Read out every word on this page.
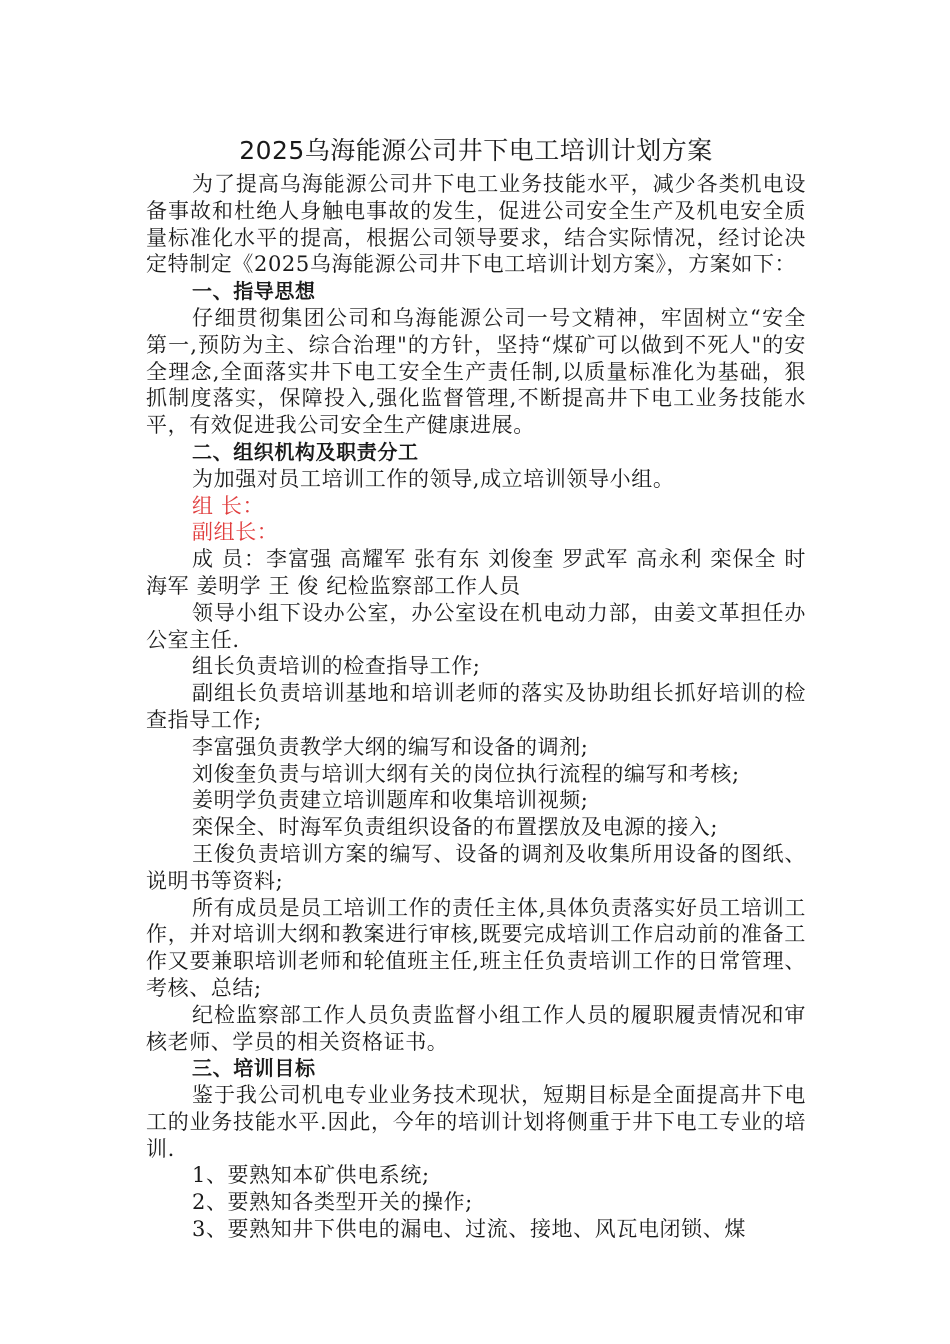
2025乌海能源公司井下电工培训计划方案

为了提高乌海能源公司井下电工业务技能水平，减少各类机电设备事故和杜绝人身触电事故的发生，促进公司安全生产及机电安全质量标准化水平的提高，根据公司领导要求，结合实际情况，经讨论决定特制定《2025乌海能源公司井下电工培训计划方案》，方案如下：

一、指导思想

仔细贯彻集团公司和乌海能源公司一号文精神，牢固树立“安全第一,预防为主、综合治理"的方针，坚持“煤矿可以做到不死人"的安全理念,全面落实井下电工安全生产责任制,以质量标准化为基础，狠抓制度落实，保障投入,强化监督管理,不断提高井下电工业务技能水平，有效促进我公司安全生产健康进展。

二、组织机构及职责分工

为加强对员工培训工作的领导,成立培训领导小组。

组 长：

副组长：

成 员：李富强 高耀军 张有东 刘俊奎 罗武军 高永利 栾保全 时海军 姜明学 王 俊 纪检监察部工作人员

领导小组下设办公室，办公室设在机电动力部，由姜文革担任办公室主任.

组长负责培训的检查指导工作;

副组长负责培训基地和培训老师的落实及协助组长抓好培训的检查指导工作;

李富强负责教学大纲的编写和设备的调剂;

刘俊奎负责与培训大纲有关的岗位执行流程的编写和考核;

姜明学负责建立培训题库和收集培训视频;

栾保全、时海军负责组织设备的布置摆放及电源的接入;

王俊负责培训方案的编写、设备的调剂及收集所用设备的图纸、说明书等资料;

所有成员是员工培训工作的责任主体,具体负责落实好员工培训工作，并对培训大纲和教案进行审核,既要完成培训工作启动前的准备工作又要兼职培训老师和轮值班主任,班主任负责培训工作的日常管理、考核、总结;

纪检监察部工作人员负责监督小组工作人员的履职履责情况和审核老师、学员的相关资格证书。

三、培训目标

鉴于我公司机电专业业务技术现状，短期目标是全面提高井下电工的业务技能水平.因此，今年的培训计划将侧重于井下电工专业的培训.

1、要熟知本矿供电系统;

2、要熟知各类型开关的操作;

3、要熟知井下供电的漏电、过流、接地、风瓦电闭锁、煤
